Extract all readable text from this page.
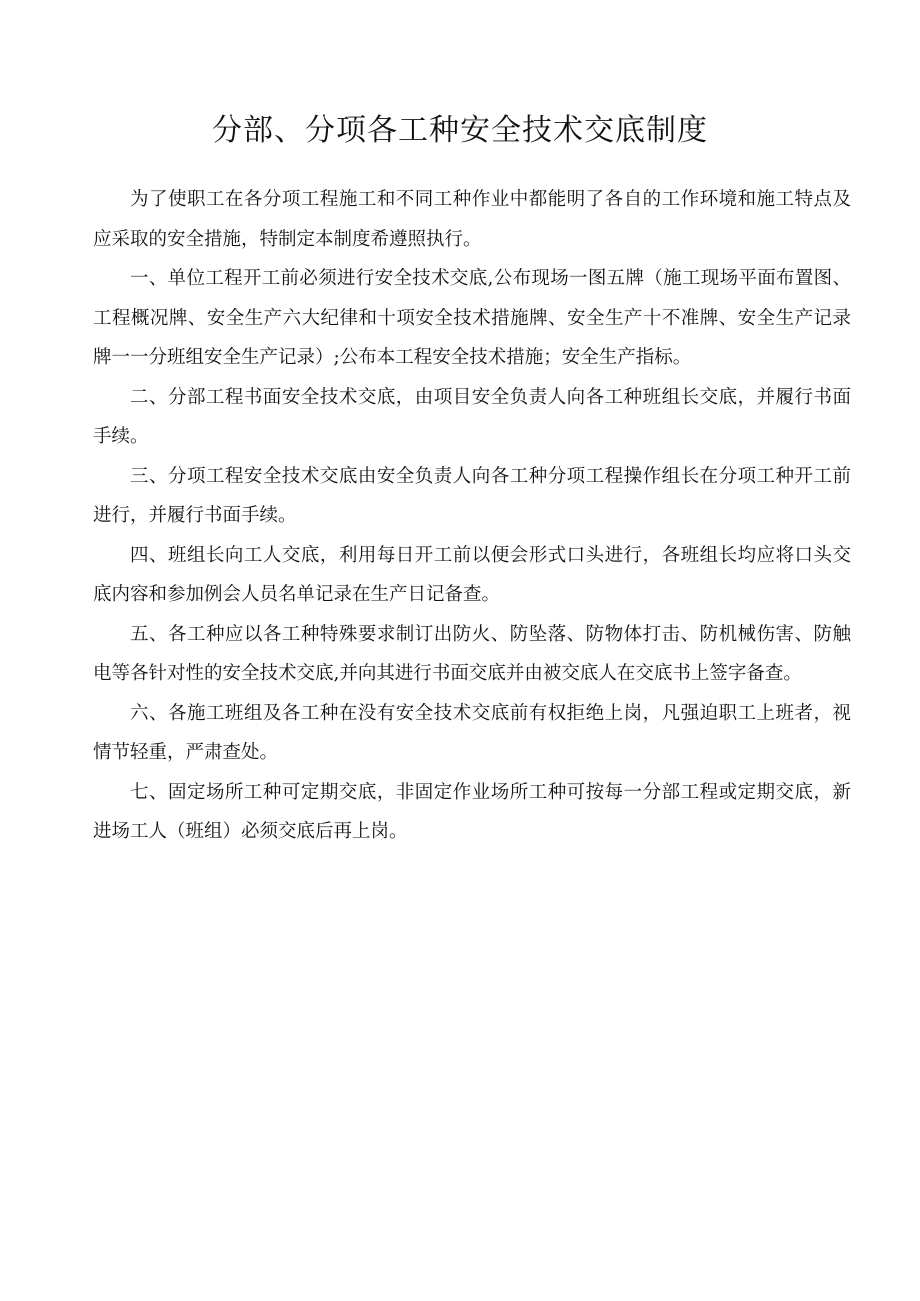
分部、分项各工种安全技术交底制度

为了使职工在各分项工程施工和不同工种作业中都能明了各自的工作环境和施工特点及应采取的安全措施，特制定本制度希遵照执行。

一、单位工程开工前必须进行安全技术交底,公布现场一图五牌（施工现场平面布置图、工程概况牌、安全生产六大纪律和十项安全技术措施牌、安全生产十不准牌、安全生产记录牌一一分班组安全生产记录）;公布本工程安全技术措施；安全生产指标。

二、分部工程书面安全技术交底，由项目安全负责人向各工种班组长交底，并履行书面手续。

三、分项工程安全技术交底由安全负责人向各工种分项工程操作组长在分项工种开工前进行，并履行书面手续。

四、班组长向工人交底，利用每日开工前以便会形式口头进行，各班组长均应将口头交底内容和参加例会人员名单记录在生产日记备查。

五、各工种应以各工种特殊要求制订出防火、防坠落、防物体打击、防机械伤害、防触电等各针对性的安全技术交底,并向其进行书面交底并由被交底人在交底书上签字备查。

六、各施工班组及各工种在没有安全技术交底前有权拒绝上岗，凡强迫职工上班者，视情节轻重，严肃查处。

七、固定场所工种可定期交底，非固定作业场所工种可按每一分部工程或定期交底，新进场工人（班组）必须交底后再上岗。
